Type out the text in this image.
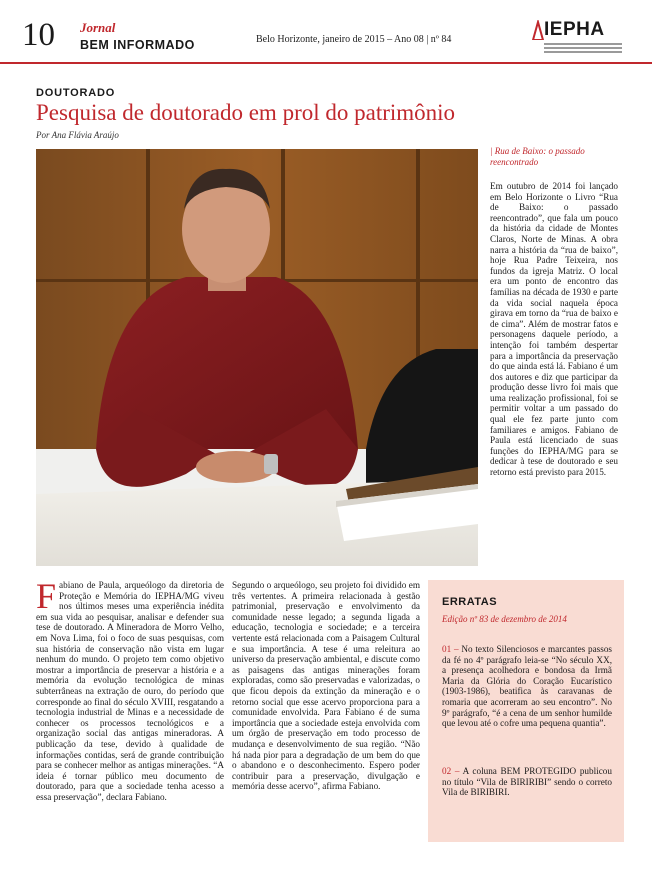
10 Jornal
BEM INFORMADO	Belo Horizonte, janeiro de 2015 – Ano 08 | nº 84	IEPHA
DOUTORADO
Pesquisa de doutorado em prol do patrimônio
Por Ana Flávia Araújo
| Rua de Baixo: o passado reencontrado
Em outubro de 2014 foi lançado em Belo Horizonte o Livro “Rua de Baixo: o passado reencontrado”, que fala um pouco da história da cidade de Montes Claros, Norte de Minas. A obra narra a história da “rua de baixo”, hoje Rua Padre Teixeira, nos fundos da igreja Matriz. O local era um ponto de encontro das famílias na década de 1930 e parte da vida social naquela época girava em torno da “rua de baixo e de cima”. Além de mostrar fatos e personagens daquele período, a intenção foi também despertar para a importância da preservação do que ainda está lá. Fabiano é um dos autores e diz que participar da produção desse livro foi mais que uma realização profissional, foi se permitir voltar a um passado do qual ele fez parte junto com familiares e amigos. Fabiano de Paula está licenciado de suas funções do IEPHA/MG para se dedicar à tese de doutorado e seu retorno está previsto para 2015.
Fabiano de Paula, arqueólogo da diretoria de Proteção e Memória do IEPHA/MG viveu nos últimos meses uma experiência inédita em sua vida ao pesquisar, analisar e defender sua tese de doutorado. A Mineradora de Morro Velho, em Nova Lima, foi o foco de suas pesquisas, com sua história de conservação não vista em lugar nenhum do mundo. O projeto tem como objetivo mostrar a importância de preservar a história e a memória da evolução tecnológica de minas subterrâneas na extração de ouro, do período que corresponde ao final do século XVIII, resgatando a tecnologia industrial de Minas e a necessidade de conhecer os processos tecnológicos e a organização social das antigas mineradoras. A publicação da tese, devido à qualidade de informações contidas, será de grande contribuição para se conhecer melhor as antigas minerações. “A ideia é tornar público meu documento de doutorado, para que a sociedade tenha acesso a essa preservação”, declara Fabiano.
Segundo o arqueólogo, seu projeto foi dividido em três vertentes. A primeira relacionada à gestão patrimonial, preservação e envolvimento da comunidade nesse legado; a segunda ligada a educação, tecnologia e sociedade; e a terceira vertente está relacionada com a Paisagem Cultural e sua importância. A tese é uma releitura ao universo da preservação ambiental, e discute como as paisagens das antigas minerações foram exploradas, como são preservadas e valorizadas, o que ficou depois da extinção da mineração e o retorno social que esse acervo proporciona para a comunidade envolvida. Para Fabiano é de suma importância que a sociedade esteja envolvida com um órgão de preservação em todo processo de mudança e desenvolvimento de sua região. “Não há nada pior para a degradação de um bem do que o abandono e o desconhecimento. Espero poder contribuir para a preservação, divulgação e memória desse acervo”, afirma Fabiano.
ERRATAS
Edição nº 83 de dezembro de 2014
01 – No texto Silenciosos e marcantes passos da fé no 4º parágrafo leia-se “No século XX, a presença acolhedora e bondosa da Irmã Maria da Glória do Coração Eucarístico (1903-1986), beatifica às caravanas de romaria que acorreram ao seu encontro”. No 9º parágrafo, “é a cena de um senhor humilde que levou até o cofre uma pequena quantia”.
02 – A coluna BEM PROTEGIDO publicou no título “Vila de BIRIRIBI” sendo o correto Vila de BIRIBIRI.
